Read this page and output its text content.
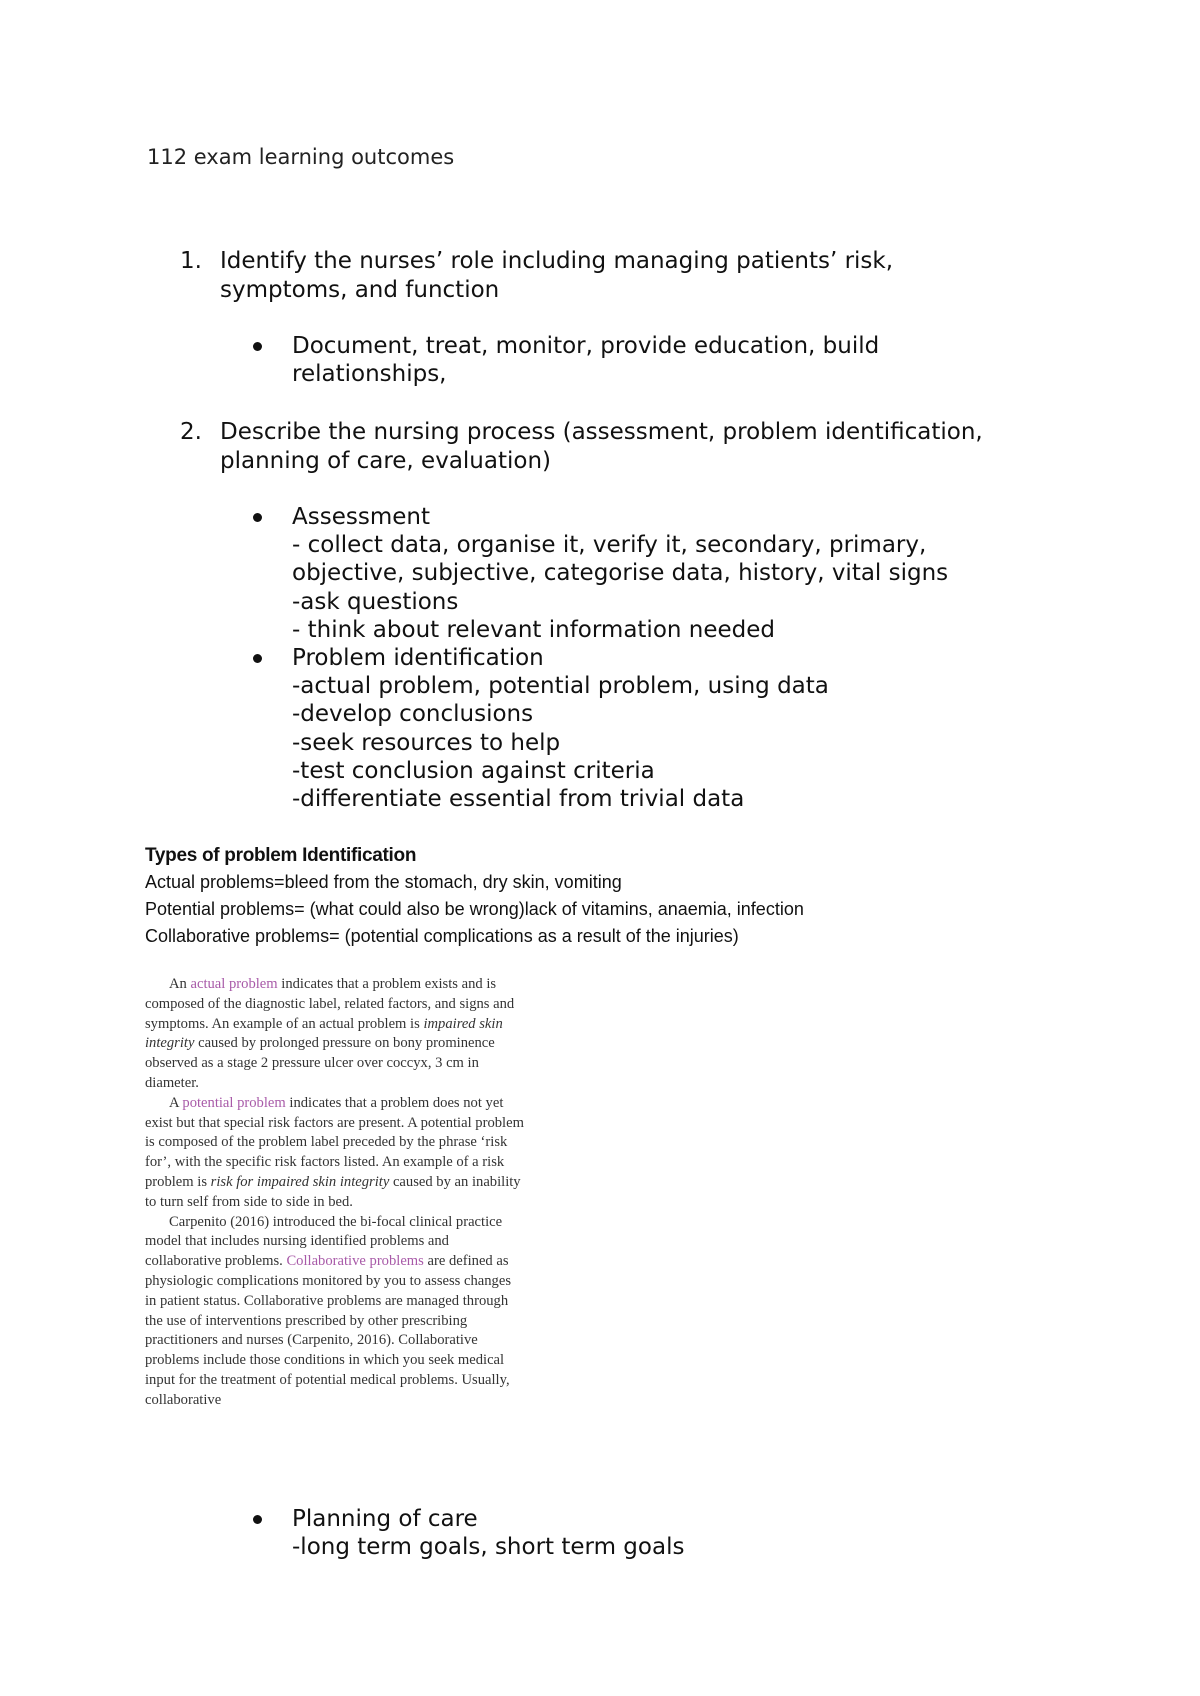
112 exam learning outcomes
1. Identify the nurses’ role including managing patients’ risk,
symptoms, and function
Document, treat, monitor, provide education, build
relationships,
2. Describe the nursing process (assessment, problem identification,
planning of care, evaluation)
Assessment
- collect data, organise it, verify it, secondary, primary,
objective, subjective, categorise data, history, vital signs
-ask questions
- think about relevant information needed
Problem identification
-actual problem, potential problem, using data
-develop conclusions
-seek resources to help
-test conclusion against criteria
-differentiate essential from trivial data
Types of problem Identification
Actual problems=bleed from the stomach, dry skin, vomiting
Potential problems= (what could also be wrong)lack of vitamins, anaemia, infection
Collaborative problems= (potential complications as a result of the injuries)

An actual problem indicates that a problem exists and is composed of the diagnostic label, related factors, and signs and symptoms. An example of an actual problem is impaired skin integrity caused by prolonged pressure on bony prominence observed as a stage 2 pressure ulcer over coccyx, 3 cm in diameter.

A potential problem indicates that a problem does not yet exist but that special risk factors are present. A potential problem is composed of the problem label preceded by the phrase ‘risk for’, with the specific risk factors listed. An example of a risk problem is risk for impaired skin integrity caused by an inability to turn self from side to side in bed.

Carpenito (2016) introduced the bi-focal clinical practice model that includes nursing identified problems and collaborative problems. Collaborative problems are defined as physiologic complications monitored by you to assess changes in patient status. Collaborative problems are managed through the use of interventions prescribed by other prescribing practitioners and nurses (Carpenito, 2016). Collaborative problems include those conditions in which you seek medical input for the treatment of potential medical problems. Usually, collaborative

Planning of care
-long term goals, short term goals
